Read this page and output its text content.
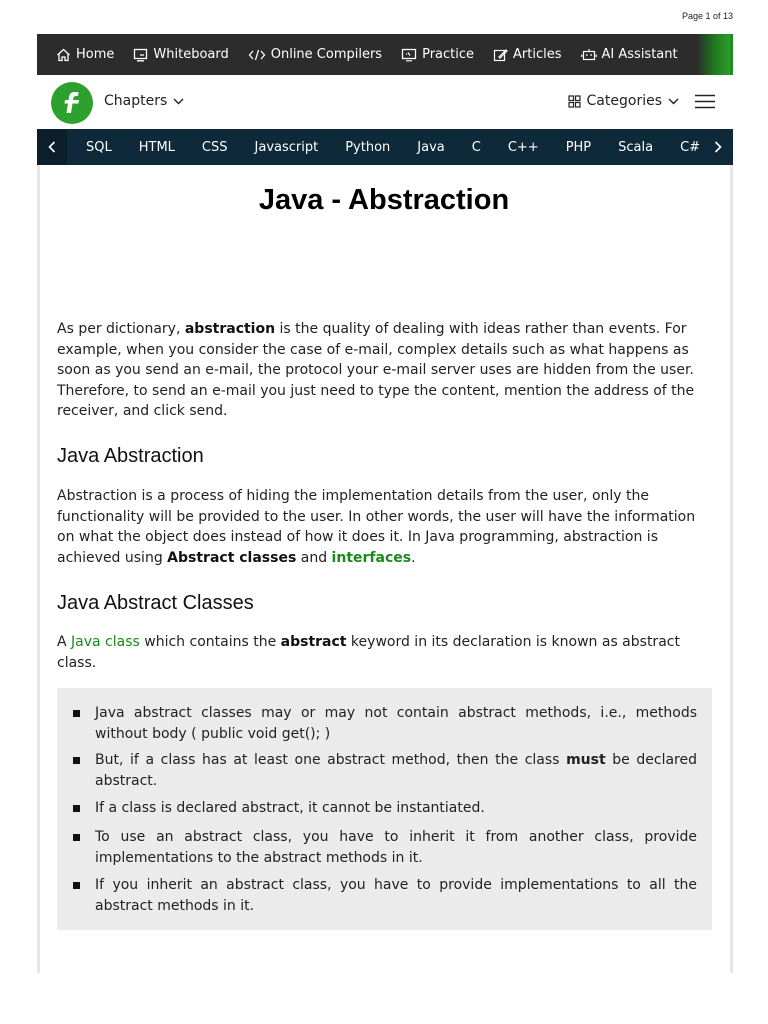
Page 1 of 13
Home	Whiteboard	Online Compilers	Practice	Articles	AI Assistant
Chapters	Categories
SQL HTML CSS Javascript Python Java C C++ PHP Scala C#
Java - Abstraction

As per dictionary, abstraction is the quality of dealing with ideas rather than events. For example, when you consider the case of e-mail, complex details such as what happens as soon as you send an e-mail, the protocol your e-mail server uses are hidden from the user. Therefore, to send an e-mail you just need to type the content, mention the address of the receiver, and click send.

Java Abstraction

Abstraction is a process of hiding the implementation details from the user, only the functionality will be provided to the user. In other words, the user will have the information on what the object does instead of how it does it. In Java programming, abstraction is achieved using Abstract classes and interfaces.

Java Abstract Classes

A Java class which contains the abstract keyword in its declaration is known as abstract class.

Java abstract classes may or may not contain abstract methods, i.e., methods without body ( public void get(); )
But, if a class has at least one abstract method, then the class must be declared abstract.
If a class is declared abstract, it cannot be instantiated.
To use an abstract class, you have to inherit it from another class, provide implementations to the abstract methods in it.
If you inherit an abstract class, you have to provide implementations to all the abstract methods in it.
